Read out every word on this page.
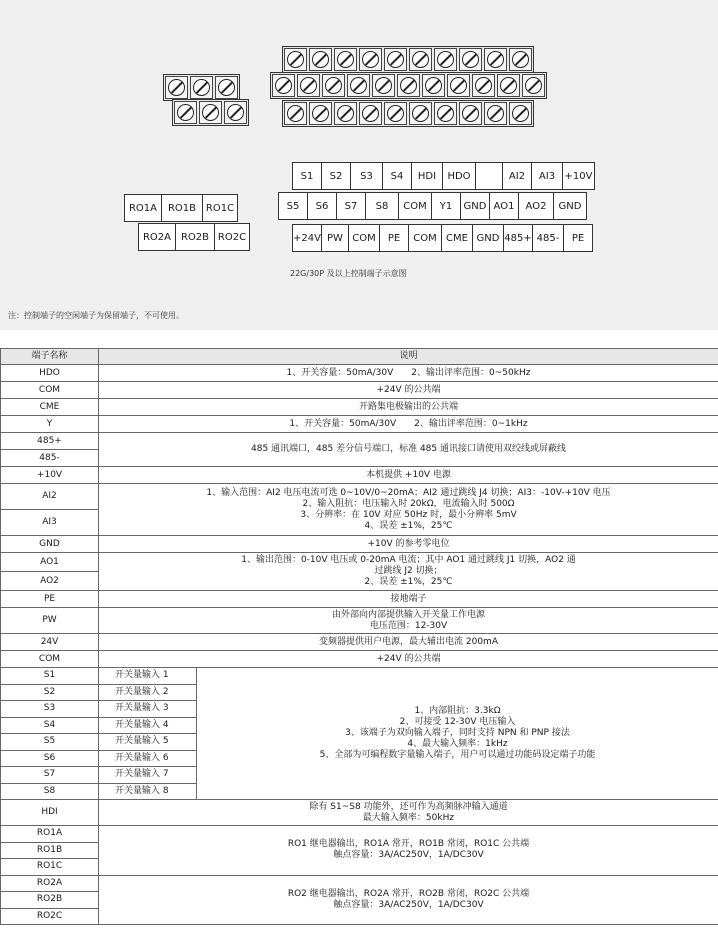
RO1A	RO1B RO1C
RO2A RO2B RO2C
S1	S2	S3	S4	HDI	HDO	AI2	AI3 +10V
S5	S6	S7	S8	COM	Y1	GND AO1	AO2	GND
+24V PW COM	PE	COM CME GND 485+ 485-	PE
22G/30P 及以上控制端子示意图
注：控制端子的空闲端子为保留端子，不可使用。
端子名称	说明	
HDO	1、开关容量：50mA/30V　　2、输出评率范围：0~50kHz	
COM	+24V 的公共端	
CME	开路集电极输出的公共端	
Y	1、开关容量：50mA/30V　　2、输出评率范围：0~1kHz	
485+	485 通讯端口，485 差分信号端口，标准 485 通讯接口请使用双绞线或屏蔽线	
485-		
+10V	本机提供 +10V 电源	
AI2	1、输入范围：AI2 电压电流可选 0~10V/0~20mA；AI2 通过跳线 J4 切换；AI3：-10V-+10V 电压
2、输入阻抗：电压输入时 20kΩ，电流输入时 500Ω
3、分辨率：在 10V 对应 50Hz 时，最小分辨率 5mV
4、误差 ±1%，25℃	

AI3		
GND	+10V 的参考零电位	
AO1	1、输出范围：0-10V 电压或 0-20mA 电流；其中 AO1 通过跳线 J1 切换，AO2 通
过跳线 J2 切换；
2、误差 ±1%，25℃	

AO2		
PE	接地端子	
PW	由外部向内部提供输入开关量工作电源
电压范围：12-30V	

24V	变频器提供用户电源，最大辅出电流 200mA	
COM	+24V 的公共端	
S1	开关量输入 1	1、内部阻抗：3.3kΩ
2、可接受 12-30V 电压输入
3、该端子为双向输入端子，同时支持 NPN 和 PNP 接法
4、最大输入频率：1kHz
5、全部为可编程数字量输入端子，用户可以通过功能码设定端子功能

S2	开关量输入 2	
S3	开关量输入 3	
S4	开关量输入 4	
S5	开关量输入 5	
S6	开关量输入 6	
S7	开关量输入 7	
S8	开关量输入 8	
HDI	除有 S1~S8 功能外，还可作为高频脉冲输入通道
最大输入频率：50kHz	

RO1A	RO1 继电器输出，RO1A 常开，RO1B 常闭，RO1C 公共端
触点容量：3A/AC250V，1A/DC30V	

RO1B		
RO1C		
RO2A	RO2 继电器输出，RO2A 常开，RO2B 常闭，RO2C 公共端
触点容量：3A/AC250V，1A/DC30V	

RO2B		
RO2C		
